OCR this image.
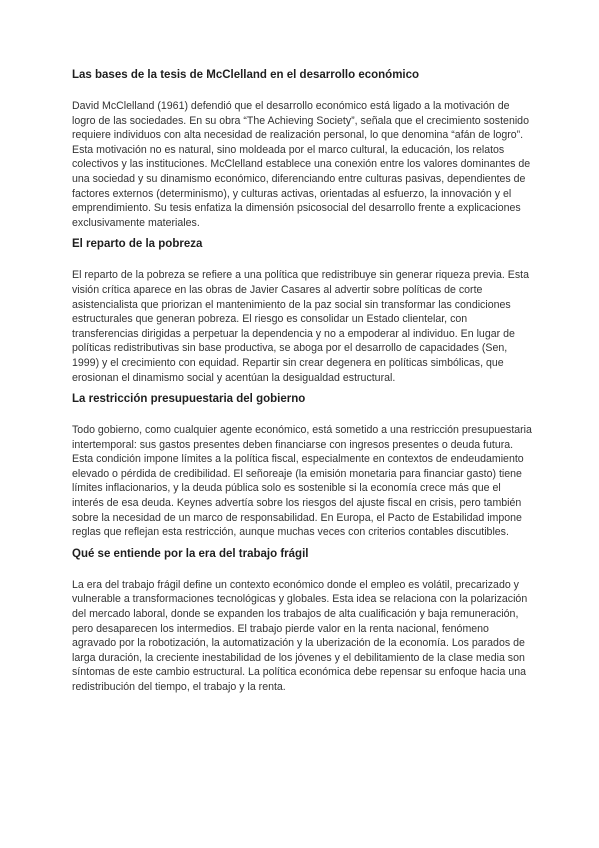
Las bases de la tesis de McClelland en el desarrollo económico

David McClelland (1961) defendió que el desarrollo económico está ligado a la motivación de logro de las sociedades. En su obra “The Achieving Society”, señala que el crecimiento sostenido requiere individuos con alta necesidad de realización personal, lo que denomina “afán de logro”. Esta motivación no es natural, sino moldeada por el marco cultural, la educación, los relatos colectivos y las instituciones. McClelland establece una conexión entre los valores dominantes de una sociedad y su dinamismo económico, diferenciando entre culturas pasivas, dependientes de factores externos (determinismo), y culturas activas, orientadas al esfuerzo, la innovación y el emprendimiento. Su tesis enfatiza la dimensión psicosocial del desarrollo frente a explicaciones exclusivamente materiales.

El reparto de la pobreza

El reparto de la pobreza se refiere a una política que redistribuye sin generar riqueza previa. Esta visión crítica aparece en las obras de Javier Casares al advertir sobre políticas de corte asistencialista que priorizan el mantenimiento de la paz social sin transformar las condiciones estructurales que generan pobreza. El riesgo es consolidar un Estado clientelar, con transferencias dirigidas a perpetuar la dependencia y no a empoderar al individuo. En lugar de políticas redistributivas sin base productiva, se aboga por el desarrollo de capacidades (Sen, 1999) y el crecimiento con equidad. Repartir sin crear degenera en políticas simbólicas, que erosionan el dinamismo social y acentúan la desigualdad estructural.

La restricción presupuestaria del gobierno

Todo gobierno, como cualquier agente económico, está sometido a una restricción presupuestaria intertemporal: sus gastos presentes deben financiarse con ingresos presentes o deuda futura. Esta condición impone límites a la política fiscal, especialmente en contextos de endeudamiento elevado o pérdida de credibilidad. El señoreaje (la emisión monetaria para financiar gasto) tiene límites inflacionarios, y la deuda pública solo es sostenible si la economía crece más que el interés de esa deuda. Keynes advertía sobre los riesgos del ajuste fiscal en crisis, pero también sobre la necesidad de un marco de responsabilidad. En Europa, el Pacto de Estabilidad impone reglas que reflejan esta restricción, aunque muchas veces con criterios contables discutibles.

Qué se entiende por la era del trabajo frágil

La era del trabajo frágil define un contexto económico donde el empleo es volátil, precarizado y vulnerable a transformaciones tecnológicas y globales. Esta idea se relaciona con la polarización del mercado laboral, donde se expanden los trabajos de alta cualificación y baja remuneración, pero desaparecen los intermedios. El trabajo pierde valor en la renta nacional, fenómeno agravado por la robotización, la automatización y la uberización de la economía. Los parados de larga duración, la creciente inestabilidad de los jóvenes y el debilitamiento de la clase media son síntomas de este cambio estructural. La política económica debe repensar su enfoque hacia una redistribución del tiempo, el trabajo y la renta.
